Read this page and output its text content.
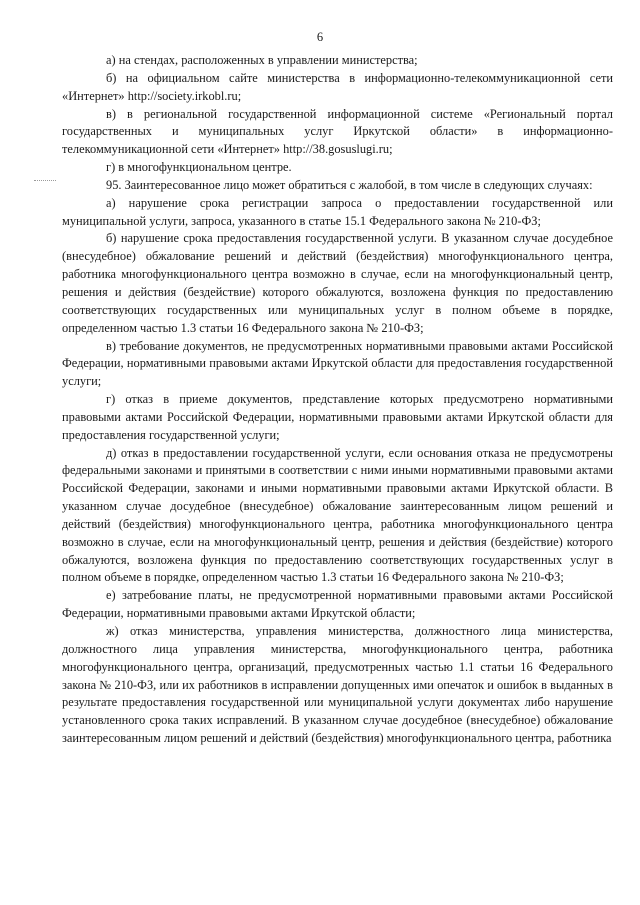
6

а) на стендах, расположенных в управлении министерства;

б) на официальном сайте министерства в информационно-телекоммуникационной сети «Интернет» http://society.irkobl.ru;

в) в региональной государственной информационной системе «Региональный портал государственных и муниципальных услуг Иркутской области» в информационно-телекоммуникационной сети «Интернет» http://38.gosuslugi.ru;

г) в многофункциональном центре.

95. Заинтересованное лицо может обратиться с жалобой, в том числе в следующих случаях:

а) нарушение срока регистрации запроса о предоставлении государственной или муниципальной услуги, запроса, указанного в статье 15.1 Федерального закона № 210-ФЗ;

б) нарушение срока предоставления государственной услуги. В указанном случае досудебное (внесудебное) обжалование решений и действий (бездействия) многофункционального центра, работника многофункционального центра возможно в случае, если на многофункциональный центр, решения и действия (бездействие) которого обжалуются, возложена функция по предоставлению соответствующих государственных или муниципальных услуг в полном объеме в порядке, определенном частью 1.3 статьи 16 Федерального закона № 210-ФЗ;

в) требование документов, не предусмотренных нормативными правовыми актами Российской Федерации, нормативными правовыми актами Иркутской области для предоставления государственной услуги;

г) отказ в приеме документов, представление которых предусмотрено нормативными правовыми актами Российской Федерации, нормативными правовыми актами Иркутской области для предоставления государственной услуги;

д) отказ в предоставлении государственной услуги, если основания отказа не предусмотрены федеральными законами и принятыми в соответствии с ними иными нормативными правовыми актами Российской Федерации, законами и иными нормативными правовыми актами Иркутской области. В указанном случае досудебное (внесудебное) обжалование заинтересованным лицом решений и действий (бездействия) многофункционального центра, работника многофункционального центра возможно в случае, если на многофункциональный центр, решения и действия (бездействие) которого обжалуются, возложена функция по предоставлению соответствующих государственных услуг в полном объеме в порядке, определенном частью 1.3 статьи 16 Федерального закона № 210-ФЗ;

е) затребование платы, не предусмотренной нормативными правовыми актами Российской Федерации, нормативными правовыми актами Иркутской области;

ж) отказ министерства, управления министерства, должностного лица министерства, должностного лица управления министерства, многофункционального центра, работника многофункционального центра, организаций, предусмотренных частью 1.1 статьи 16 Федерального закона № 210-ФЗ, или их работников в исправлении допущенных ими опечаток и ошибок в выданных в результате предоставления государственной или муниципальной услуги документах либо нарушение установленного срока таких исправлений. В указанном случае досудебное (внесудебное) обжалование заинтересованным лицом решений и действий (бездействия) многофункционального центра, работника
